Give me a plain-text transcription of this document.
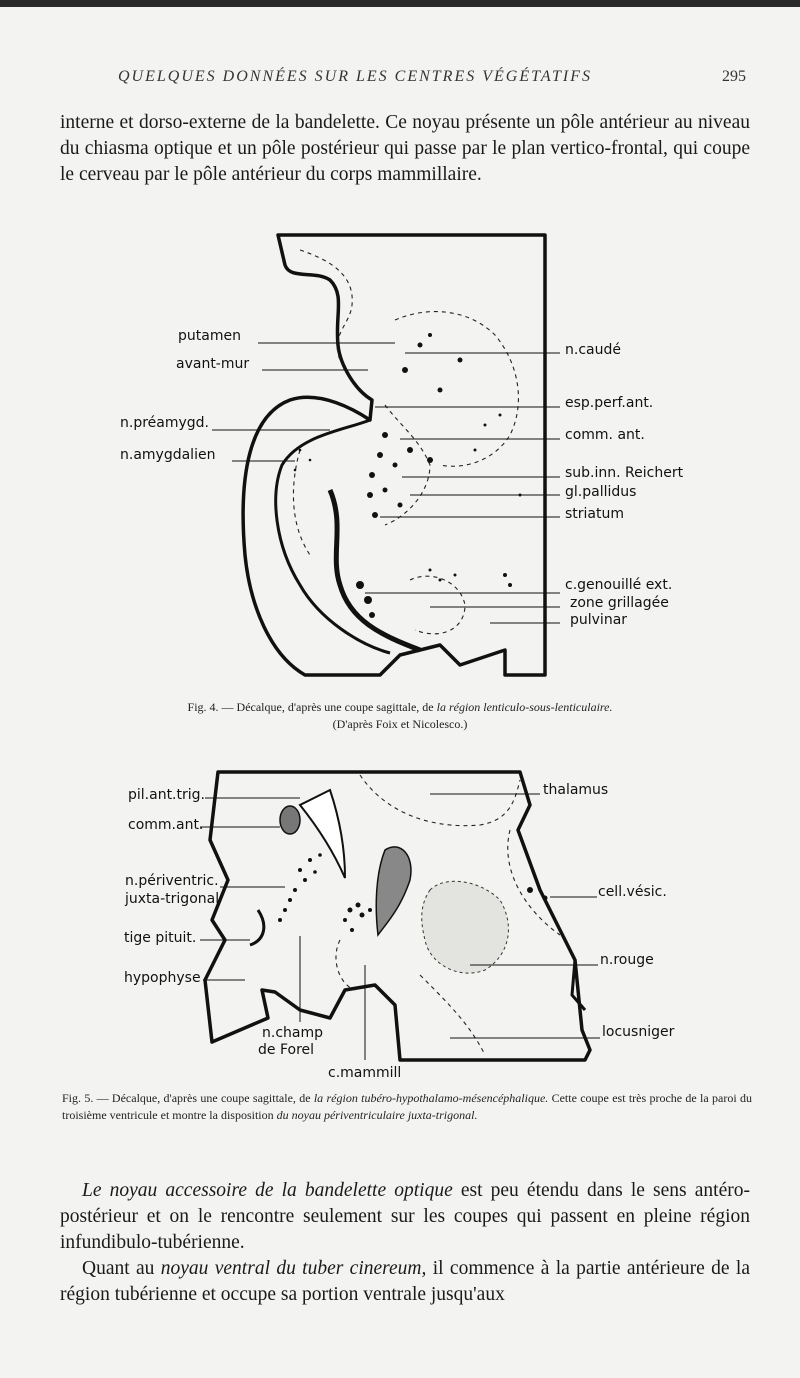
QUELQUES DONNÉES SUR LES CENTRES VÉGÉTATIFS	295

interne et dorso-externe de la bandelette. Ce noyau présente un pôle antérieur au niveau du chiasma optique et un pôle postérieur qui passe par le plan vertico-frontal, qui coupe le cerveau par le pôle antérieur du corps mammillaire.

putamen
avant-mur
n.préamygd.
n.amygdalien
n.caudé
esp.perf.ant.
comm. ant.
sub.inn. Reichert
gl.pallidus
striatum
c.genouillé ext.
zone grillagée
pulvinar
Fig. 4. — Décalque, d'après une coupe sagittale, de la région lenticulo-sous-lenticulaire.
(D'après Foix et Nicolesco.)
pil.ant.trig.
comm.ant.
n.périventric.
juxta-trigonal
tige pituit.
hypophyse
thalamus
cell.vésic.
n.rouge
locusniger
n.champ
de Forel
c.mammill
Fig. 5. — Décalque, d'après une coupe sagittale, de la région tubéro-hypothalamo-mésencéphalique. Cette coupe est très proche de la paroi du troisième ventricule et montre la disposition du noyau périventriculaire juxta-trigonal.

Le noyau accessoire de la bandelette optique est peu étendu dans le sens antéro-postérieur et on le rencontre seulement sur les coupes qui passent en pleine région infundibulo-tubérienne.

Quant au noyau ventral du tuber cinereum, il commence à la partie antérieure de la région tubérienne et occupe sa portion ventrale jusqu'aux
